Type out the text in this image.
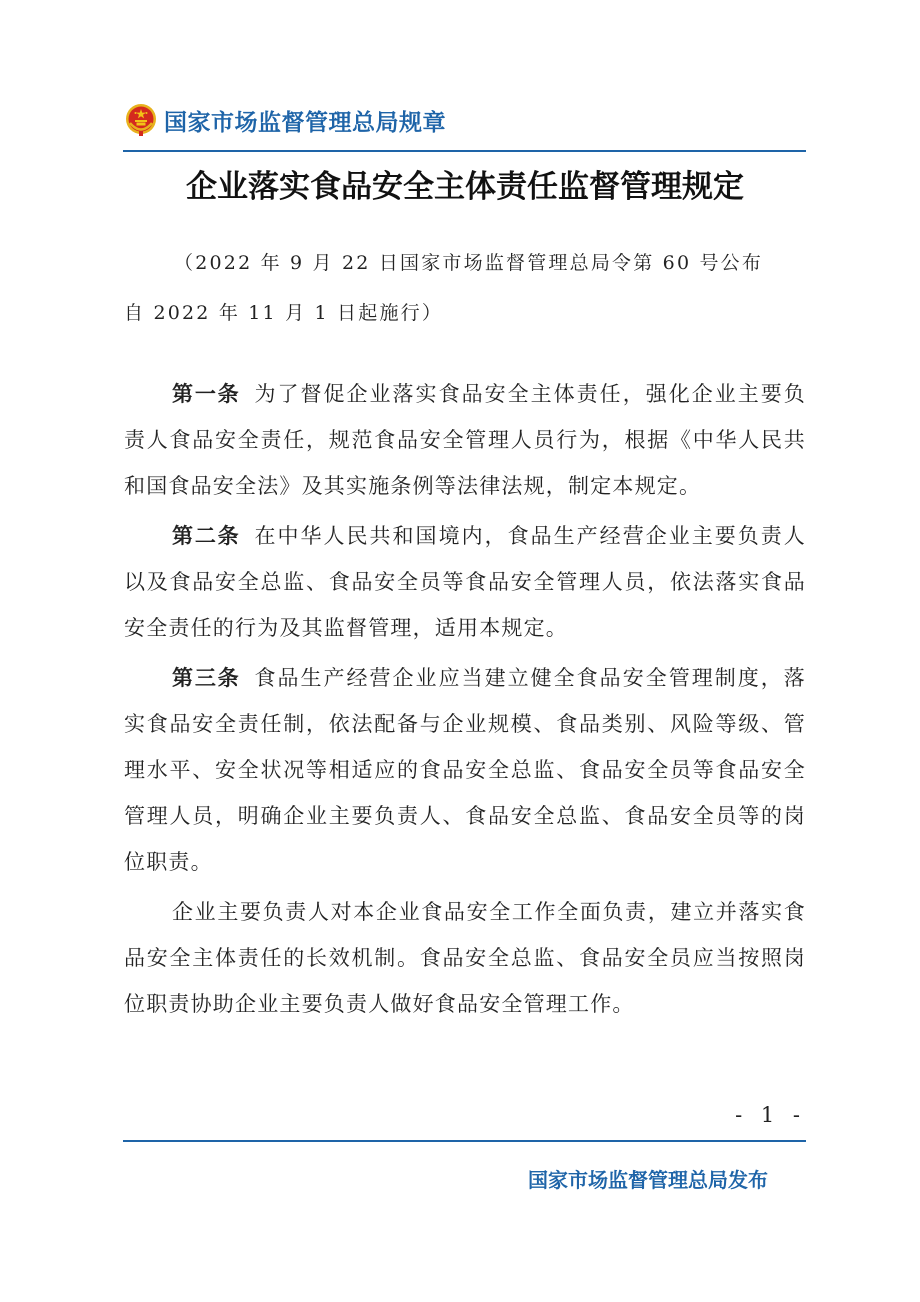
国家市场监督管理总局规章
企业落实食品安全主体责任监督管理规定
（2022 年 9 月 22 日国家市场监督管理总局令第 60 号公布 自 2022 年 11 月 1 日起施行）

第一条 为了督促企业落实食品安全主体责任，强化企业主要负责人食品安全责任，规范食品安全管理人员行为，根据《中华人民共和国食品安全法》及其实施条例等法律法规，制定本规定。

第二条 在中华人民共和国境内，食品生产经营企业主要负责人以及食品安全总监、食品安全员等食品安全管理人员，依法落实食品安全责任的行为及其监督管理，适用本规定。

第三条 食品生产经营企业应当建立健全食品安全管理制度，落实食品安全责任制，依法配备与企业规模、食品类别、风险等级、管理水平、安全状况等相适应的食品安全总监、食品安全员等食品安全管理人员，明确企业主要负责人、食品安全总监、食品安全员等的岗位职责。

企业主要负责人对本企业食品安全工作全面负责，建立并落实食品安全主体责任的长效机制。食品安全总监、食品安全员应当按照岗位职责协助企业主要负责人做好食品安全管理工作。

- 1 -
国家市场监督管理总局发布
